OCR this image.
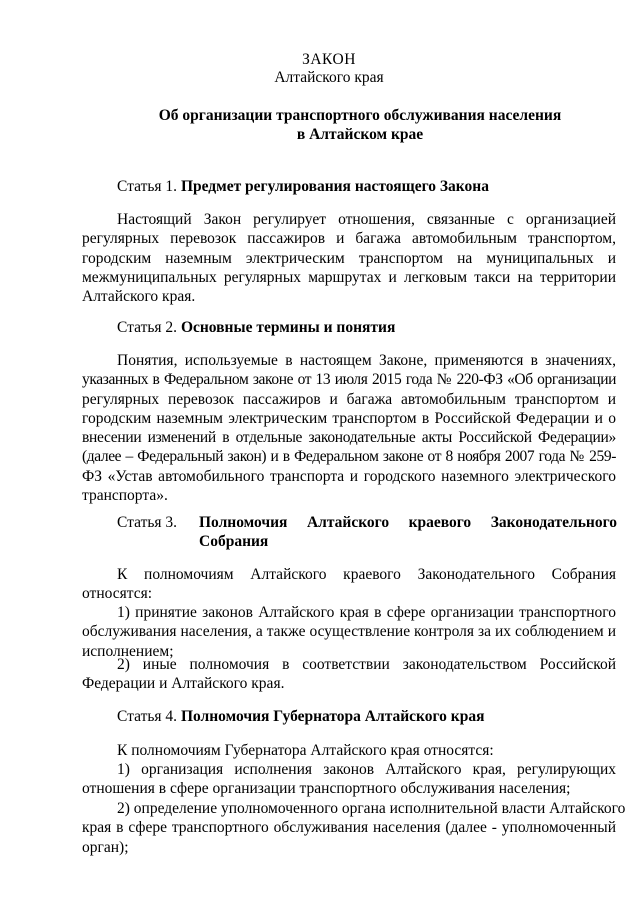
ЗАКОН
Алтайского края
Об организации транспортного обслуживания населения
в Алтайском крае
Статья 1. Предмет регулирования настоящего Закона
Настоящий Закон регулирует отношения, связанные с организацией
регулярных перевозок пассажиров и багажа автомобильным транспортом,
городским наземным электрическим транспортом на муниципальных и
межмуниципальных регулярных маршрутах и легковым такси на территории
Алтайского края.
Статья 2. Основные термины и понятия
Понятия, используемые в настоящем Законе, применяются в значениях,
указанных в Федеральном законе от 13 июля 2015 года № 220-ФЗ «Об организации
регулярных перевозок пассажиров и багажа автомобильным транспортом и
городским наземным электрическим транспортом в Российской Федерации и о
внесении изменений в отдельные законодательные акты Российской Федерации»
(далее – Федеральный закон) и в Федеральном законе от 8 ноября 2007 года № 259-
ФЗ «Устав автомобильного транспорта и городского наземного электрического
транспорта».
Статья 3. Полномочия Алтайского краевого Законодательного
Собрания
К полномочиям Алтайского краевого Законодательного Собрания
относятся:
1) принятие законов Алтайского края в сфере организации транспортного
обслуживания населения, а также осуществление контроля за их соблюдением и
исполнением;
2) иные полномочия в соответствии законодательством Российской
Федерации и Алтайского края.
Статья 4. Полномочия Губернатора Алтайского края
К полномочиям Губернатора Алтайского края относятся:
1) организация исполнения законов Алтайского края, регулирующих
отношения в сфере организации транспортного обслуживания населения;
2) определение уполномоченного органа исполнительной власти Алтайского
края в сфере транспортного обслуживания населения (далее - уполномоченный
орган);
